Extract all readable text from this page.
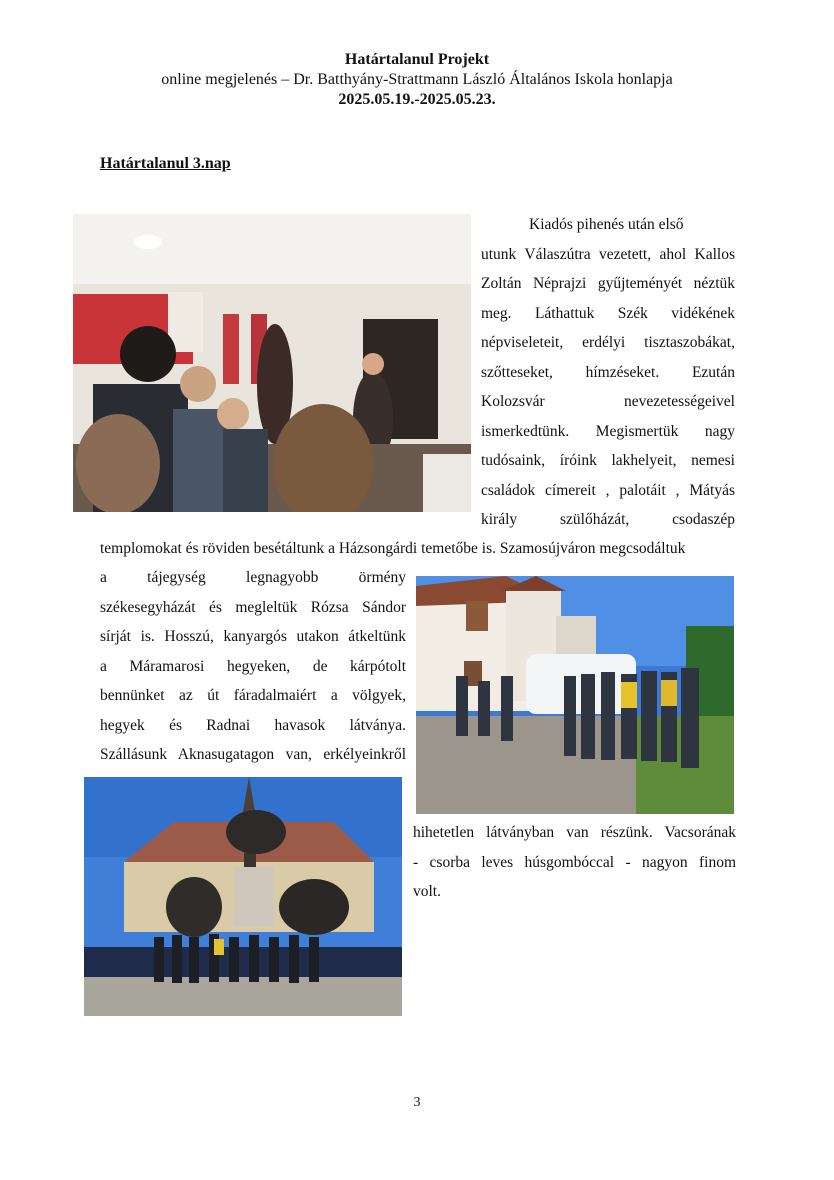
Határtalanul Projekt
online megjelenés – Dr. Batthyány-Strattmann László Általános Iskola honlapja
2025.05.19.-2025.05.23.
Határtalanul 3.nap
Kiadós pihenés után első
utunk Válaszútra vezetett, ahol Kallos
Zoltán Néprajzi gyűjteményét néztük
meg. Láthattuk Szék vidékének
népviseleteit, erdélyi tisztaszobákat,
szőtteseket, hímzéseket. Ezután
Kolozsvár nevezetességeivel
ismerkedtünk. Megismertük nagy
tudósaink, íróink lakhelyeit, nemesi
családok címereit , palotáit , Mátyás
király szülőházát, csodaszép
templomokat és röviden besétáltunk a Házsongárdi temetőbe is. Szamosújváron megcsodáltuk
a tájegység legnagyobb örmény
székesegyházát és megleltük Rózsa Sándor
sírját is. Hosszú, kanyargós utakon átkeltünk
a Máramarosi hegyeken, de kárpótolt
bennünket az út fáradalmaiért a völgyek,
hegyek és Radnai havasok látványa.
Szállásunk Aknasugatagon van, erkélyeinkről
hihetetlen látványban van részünk. Vacsorának
- csorba leves húsgombóccal - nagyon finom
volt.
3
